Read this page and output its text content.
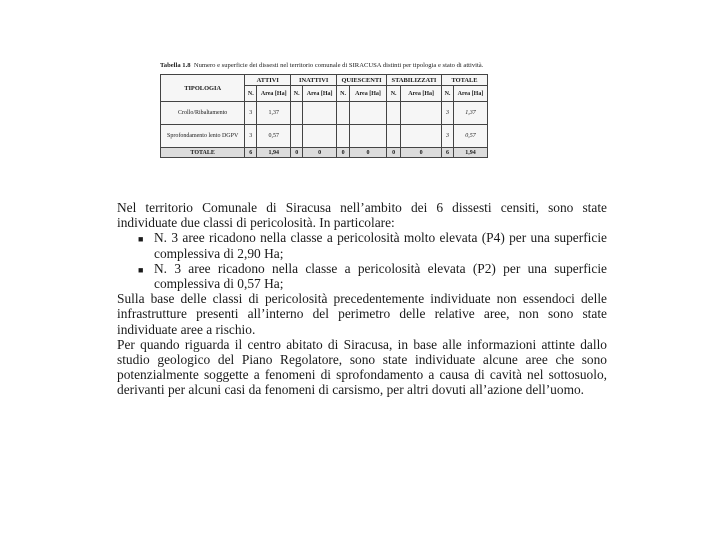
Tabella 1.8 Numero e superficie dei dissesti nel territorio comunale di SIRACUSA distinti per tipologia e stato di attività.
TIPOLOGIA	ATTIVI		INATTIVI		QUIESCENTI		STABILIZZATI		TOTALE	
	N.	Area [Ha]	N.	Area [Ha]	N.	Area [Ha]	N.	Area [Ha]	N.	Area [Ha]
Crollo/Ribaltamento	3	1,37							3	1,37
Sprofondamento lento DGPV	3	0,57							3	0,57
TOTALE	6	1,94	0	0	0	0	0	0	6	1,94

Nel territorio Comunale di Siracusa nell’ambito dei 6 dissesti censiti, sono state individuate due classi di pericolosità. In particolare:

■ N. 3 aree ricadono nella classe a pericolosità molto elevata (P4) per una superficie complessiva di 2,90 Ha;
■ N. 3 aree ricadono nella classe a pericolosità elevata (P2) per una superficie complessiva di 0,57 Ha;

Sulla base delle classi di pericolosità precedentemente individuate non essendoci delle infrastrutture presenti all’interno del perimetro delle relative aree, non sono state individuate aree a rischio.

Per quando riguarda il centro abitato di Siracusa, in base alle informazioni attinte dallo studio geologico del Piano Regolatore, sono state individuate alcune aree che sono potenzialmente soggette a fenomeni di sprofondamento a causa di cavità nel sottosuolo, derivanti per alcuni casi da fenomeni di carsismo, per altri dovuti all’azione dell’uomo.
